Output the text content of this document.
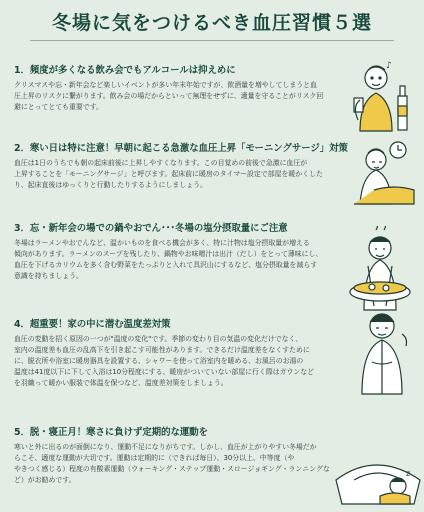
冬場に気をつけるべき血圧習慣５選
1．頻度が多くなる飲み会でもアルコールは抑えめに
クリスマスや忘・新年会など楽しいイベントが多い年末年始ですが、飲酒量を増やしてしまうと血
圧上昇のリスクに繋がります。飲み会の場だからといって無理をせずに、適量を守ることがリスク回
避にとってとても重要です。
2．寒い日は特に注意！早朝に起こる急激な血圧上昇「モーニングサージ」対策
血圧は1日のうちでも朝の起床前後に上昇しやすくなります。この目覚めの前後で急激に血圧が
上昇することを「モーニングサージ」と呼びます。起床前に暖房のタイマー設定で部屋を暖かくした
り、起床直後はゆっくりと行動したりするようにしましょう。
3．忘・新年会の場での鍋やおでん･･･冬場の塩分摂取量にご注意
冬場はラーメンやおでんなど、温かいものを食べる機会が多く、特に汁物は塩分摂取量が増える
傾向があります。ラーメンのスープを残したり、鍋物やお味噌汁は出汁（だし）をとって薄味にし、
血圧を下げるカリウムを多く含む野菜をたっぷりと入れて具沢山にするなど、塩分摂取量を減らす
意識を持ちましょう。
4．超重要！家の中に潜む温度差対策
血圧の変動を招く原因の一つが"温度の変化"です。季節の変わり目の気温の変化だけでなく、
室内の温度差も血圧の乱高下を引き起こす可能性があります。できるだけ温度差をなくすために
に、脱衣所や浴室に暖房器具を設置する、シャワーを使って浴室内を暖める、お風呂のお湯の
温度は41度以下に下して入浴は10分程度にする、暖房がついていない部屋に行く際はガウンなど
を羽織って暖かい服装で体温を保つなど、温度差対策をしましょう。
5．脱・寝正月！寒さに負けず定期的な運動を
寒いと外に出るのが面倒になり、運動不足になりがちです。しかし、血圧が上がりやすい冬場だか
らこそ、適度な運動が大切です。運動は定期的に（できれば毎日）、30分以上、中等度（や
やきつく感じる）程度の有酸素運動（ウォーキング・ステップ運動・スロージョギング・ランニングな
ど）がお勧めです。
♪
z
